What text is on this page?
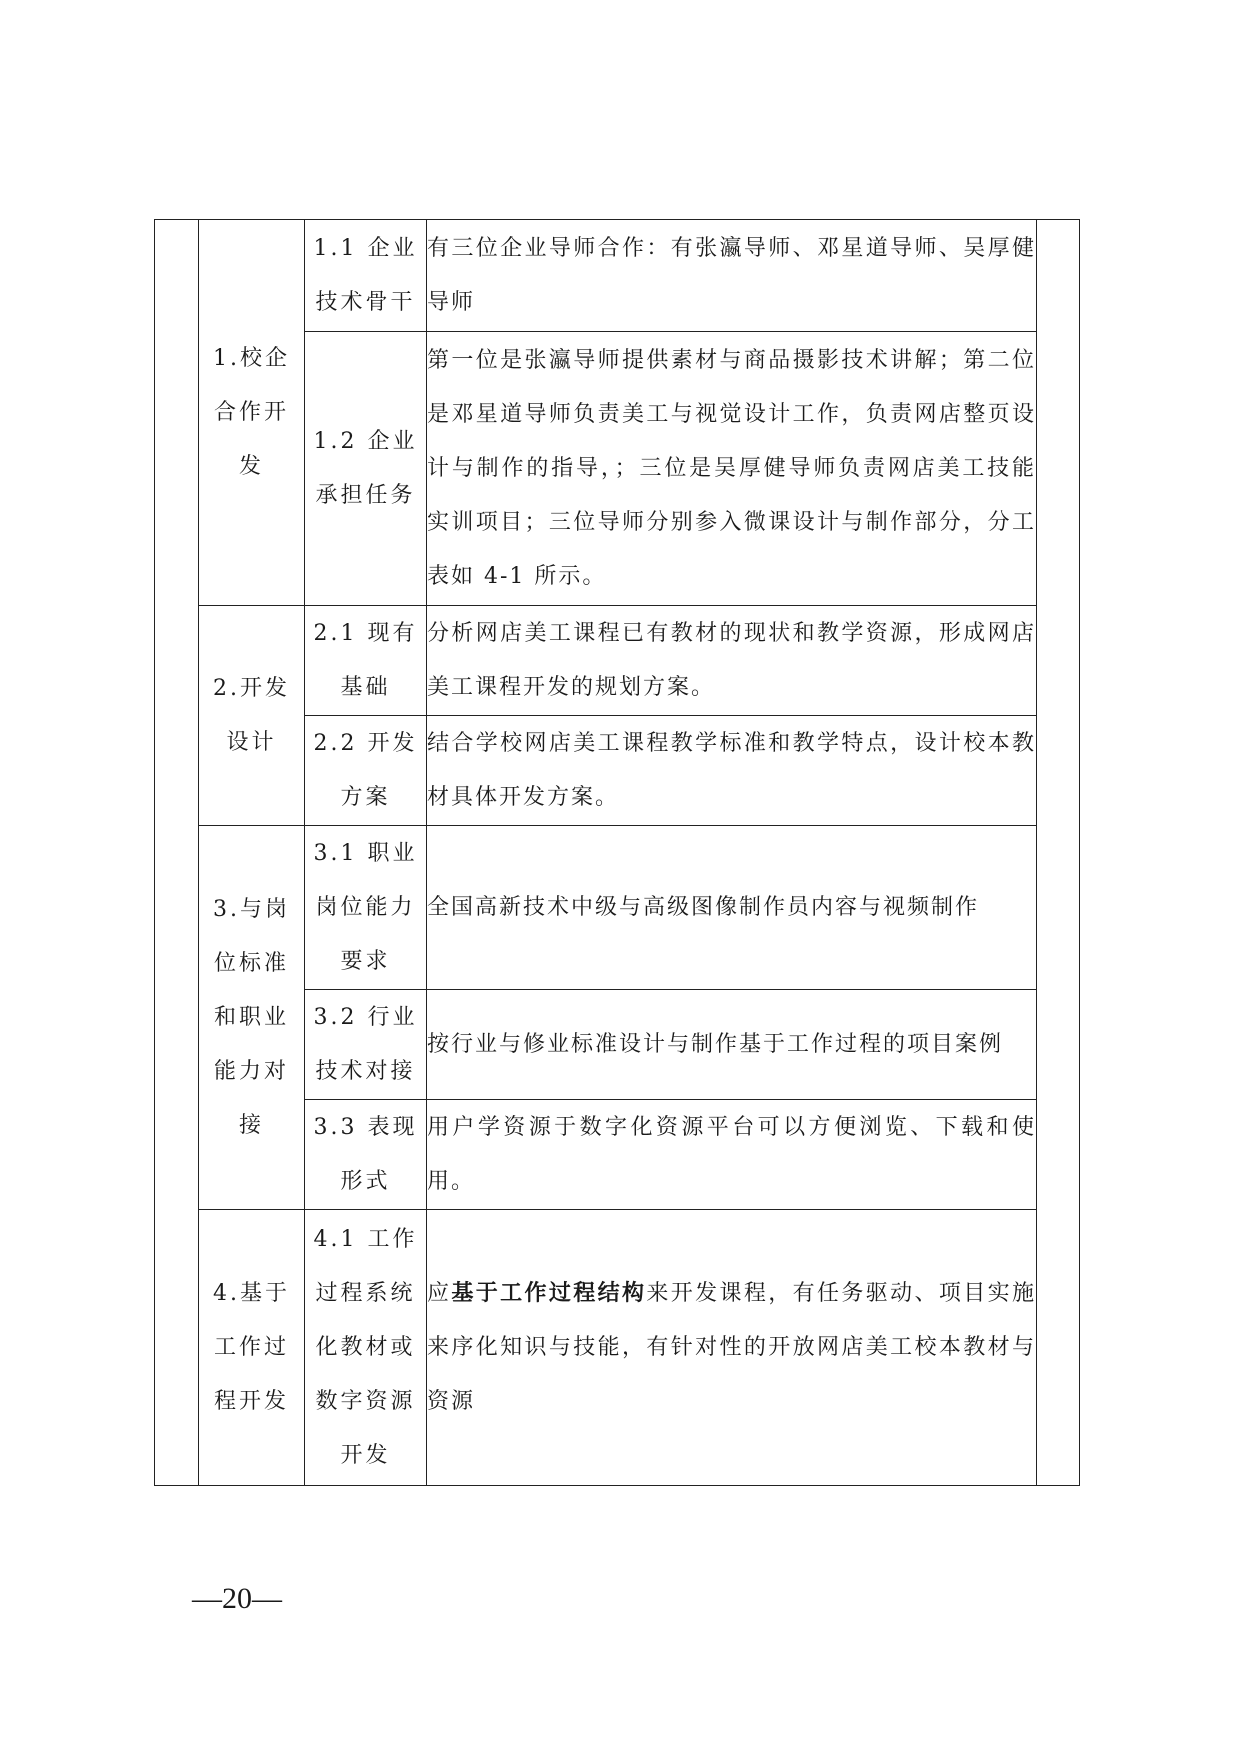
1.校企
合作开
发	1.1 企业
技术骨干	有三位企业导师合作：有张瀛导师、邓星道导师、吴厚健导师

	1.2 企业
承担任务	第一位是张瀛导师提供素材与商品摄影技术讲解；第二位是邓星道导师负责美工与视觉设计工作，负责网店整页设计与制作的指导，；三位是吴厚健导师负责网店美工技能实训项目；三位导师分别参入微课设计与制作部分，分工表如 4-1 所示。

2.开发
设计	2.1 现有
基础	分析网店美工课程已有教材的现状和教学资源，形成网店美工课程开发的规划方案。

	2.2 开发
方案	结合学校网店美工课程教学标准和教学特点，设计校本教材具体开发方案。

3.与岗
位标准
和职业
能力对
接	3.1 职业
岗位能力
要求	全国高新技术中级与高级图像制作员内容与视频制作

	3.2 行业
技术对接	按行业与修业标准设计与制作基于工作过程的项目案例

	3.3 表现
形式	用户学资源于数字化资源平台可以方便浏览、下载和使用。

4.基于
工作过
程开发	4.1 工作
过程系统
化教材或
数字资源
开发	应基于工作过程结构来开发课程，有任务驱动、项目实施来序化知识与技能，有针对性的开放网店美工校本教材与资源
—20—
